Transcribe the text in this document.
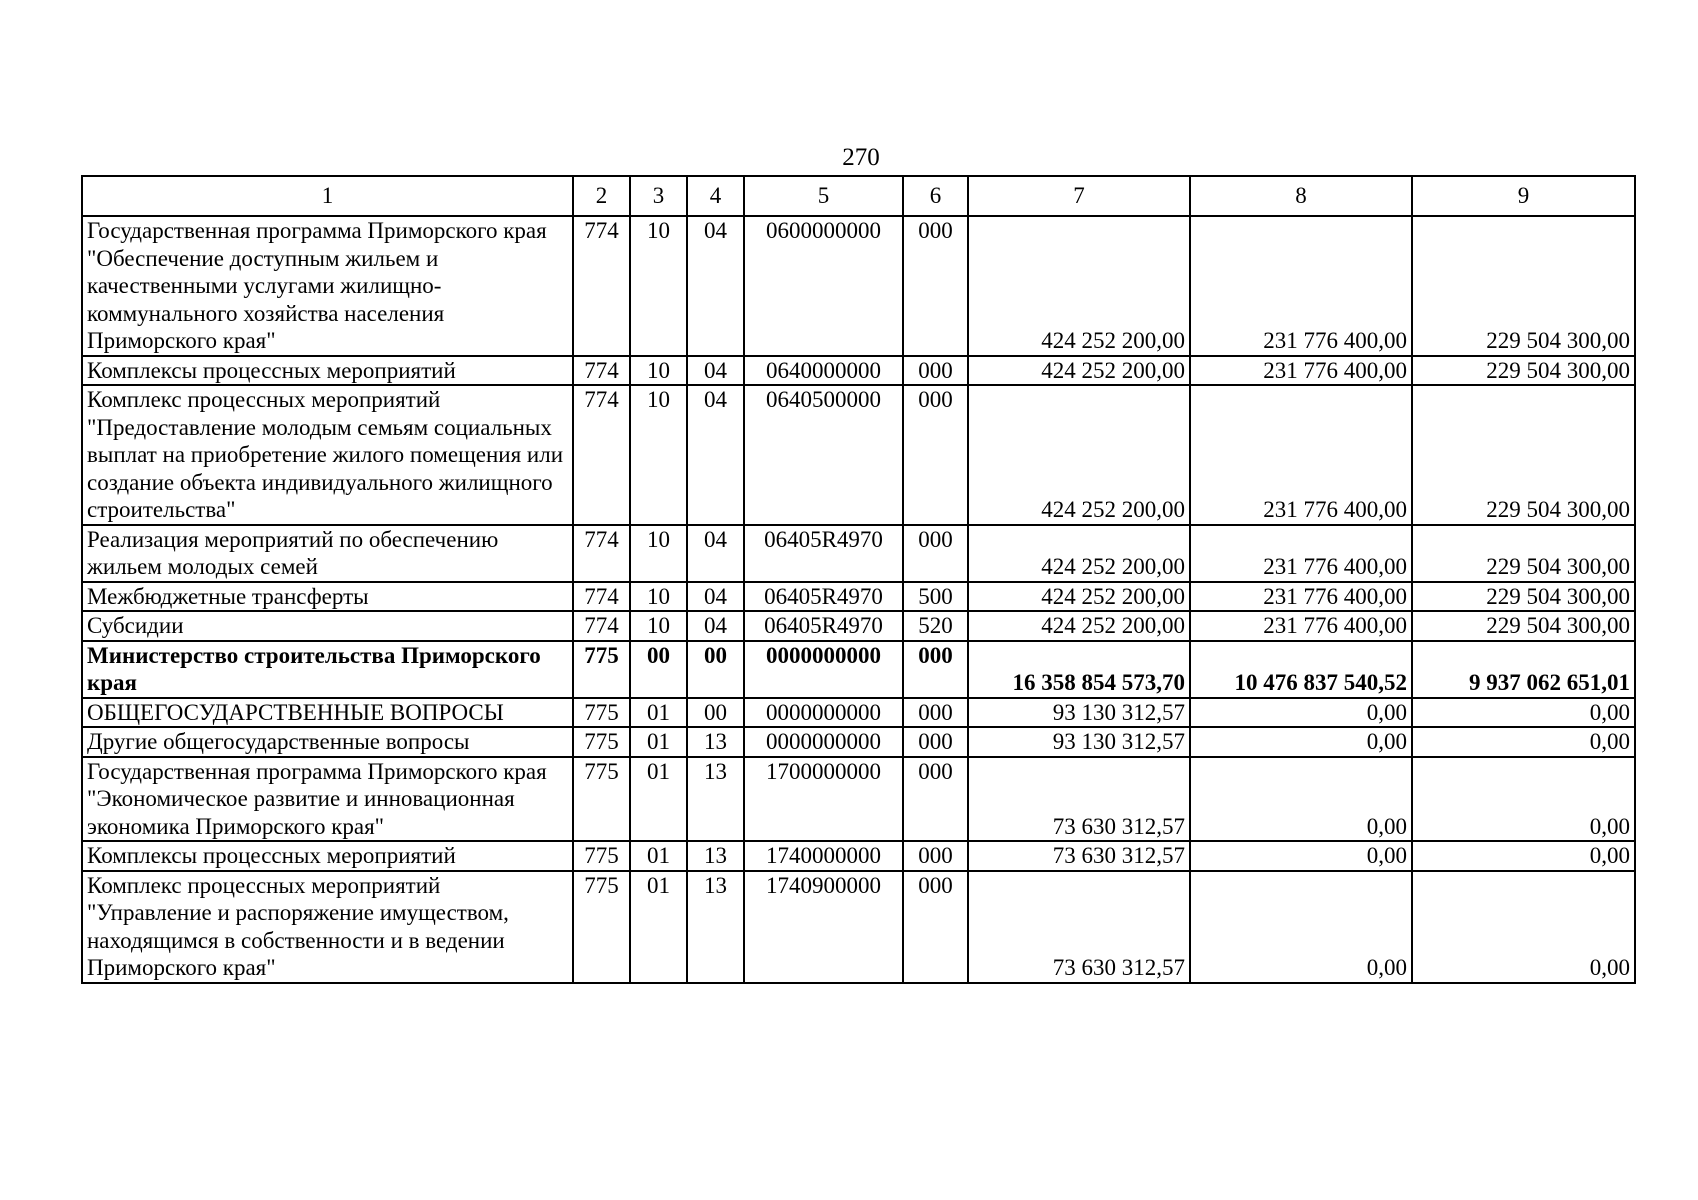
270
1	2	3	4	5	6	7	8	9
Государственная программа Приморского края "Обеспечение доступным жильем и качественными услугами жилищно-коммунального хозяйства населения Приморского края"	774	10	04	0600000000	000	424 252 200,00	231 776 400,00	229 504 300,00
Комплексы процессных мероприятий	774	10	04	0640000000	000	424 252 200,00	231 776 400,00	229 504 300,00
Комплекс процессных мероприятий "Предоставление молодым семьям социальных выплат на приобретение жилого помещения или создание объекта индивидуального жилищного строительства"	774	10	04	0640500000	000	424 252 200,00	231 776 400,00	229 504 300,00
Реализация мероприятий по обеспечению жильем молодых семей	774	10	04	06405R4970	000	424 252 200,00	231 776 400,00	229 504 300,00
Межбюджетные трансферты	774	10	04	06405R4970	500	424 252 200,00	231 776 400,00	229 504 300,00
Субсидии	774	10	04	06405R4970	520	424 252 200,00	231 776 400,00	229 504 300,00
Министерство строительства Приморского края	775	00	00	0000000000	000	16 358 854 573,70	10 476 837 540,52	9 937 062 651,01
ОБЩЕГОСУДАРСТВЕННЫЕ ВОПРОСЫ	775	01	00	0000000000	000	93 130 312,57	0,00	0,00
Другие общегосударственные вопросы	775	01	13	0000000000	000	93 130 312,57	0,00	0,00
Государственная программа Приморского края "Экономическое развитие и инновационная экономика Приморского края"	775	01	13	1700000000	000	73 630 312,57	0,00	0,00
Комплексы процессных мероприятий	775	01	13	1740000000	000	73 630 312,57	0,00	0,00
Комплекс процессных мероприятий "Управление и распоряжение имуществом, находящимся в собственности и в ведении Приморского края"	775	01	13	1740900000	000	73 630 312,57	0,00	0,00
